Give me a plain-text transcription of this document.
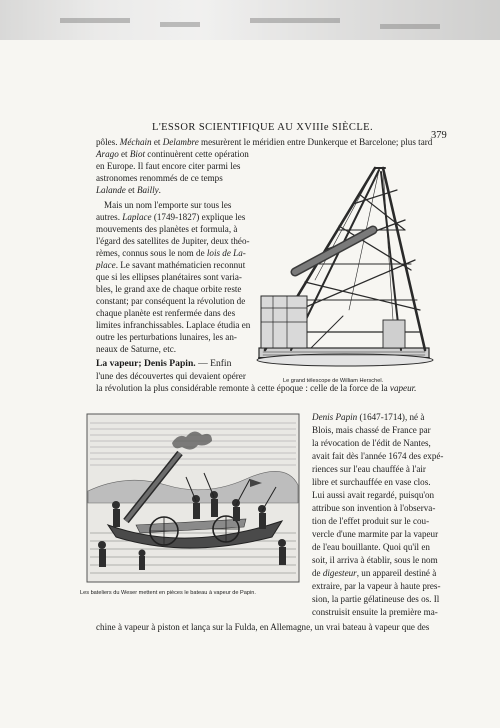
L'ESSOR SCIENTIFIQUE AU XVIIIe SIÈCLE.
379
pôles. Méchain et Delambre mesurèrent le méridien entre Dunkerque et Barcelone; plus tard
Arago et Biot continuèrent cette opération
en Europe. Il faut encore citer parmi les
astronomes renommés de ce temps
Lalande et Bailly.
Mais un nom l'emporte sur tous les
autres. Laplace (1749-1827) explique les
mouvements des planètes et formula, à
l'égard des satellites de Jupiter, deux théo-
rèmes, connus sous le nom de lois de La-
place. Le savant mathématicien reconnut
que si les ellipses planétaires sont varia-
bles, le grand axe de chaque orbite reste
constant; par conséquent la révolution de
chaque planète est renfermée dans des
limites infranchissables. Laplace étudia en
outre les perturbations lunaires, les an-
neaux de Saturne, etc.
La vapeur; Denis Papin. — Enfin
l'une des découvertes qui devaient opérer
la révolution la plus considérable remonte à cette époque : celle de la force de la vapeur.
Le grand télescope de William Herschel.
Les bateliers du Weser mettent en pièces le bateau à vapeur de Papin.
Denis Papin (1647-1714), né à
Blois, mais chassé de France par
la révocation de l'édit de Nantes,
avait fait dès l'année 1674 des expé-
riences sur l'eau chauffée à l'air
libre et surchauffée en vase clos.
Lui aussi avait regardé, puisqu'on
attribue son invention à l'observa-
tion de l'effet produit sur le cou-
vercle d'une marmite par la vapeur
de l'eau bouillante. Quoi qu'il en
soit, il arriva à établir, sous le nom
de digesteur, un appareil destiné à
extraire, par la vapeur à haute pres-
sion, la partie gélatineuse des os. Il
construisit ensuite la première ma-
chine à vapeur à piston et lança sur la Fulda, en Allemagne, un vrai bateau à vapeur que des
